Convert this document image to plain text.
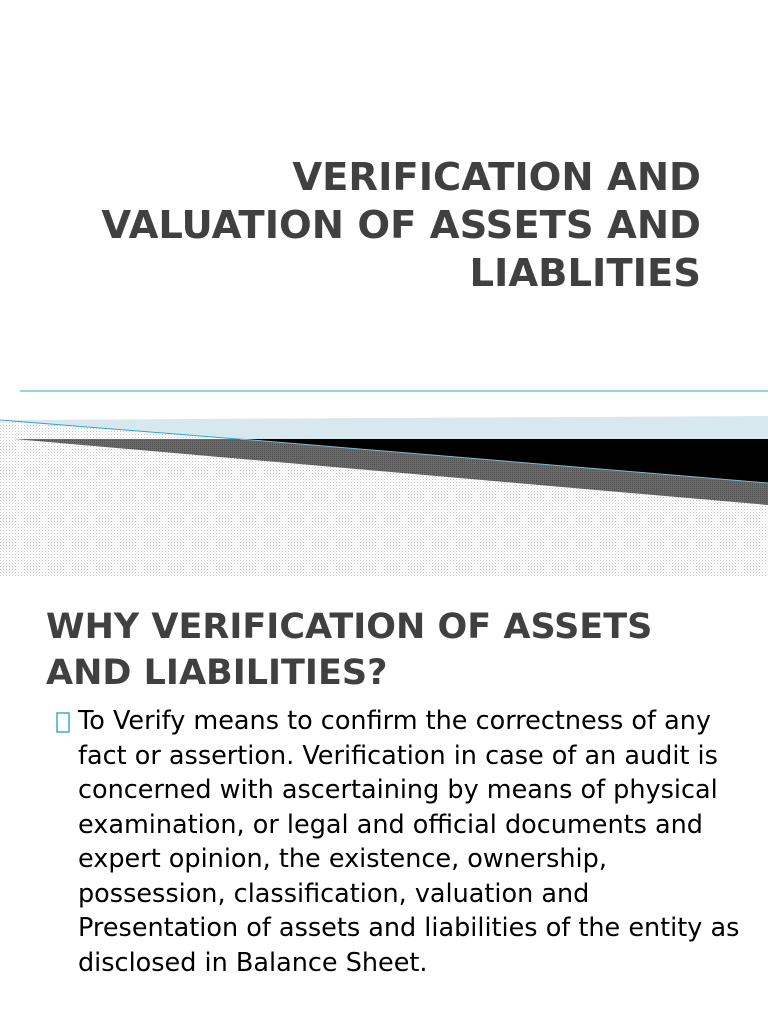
VERIFICATION AND VALUATION OF ASSETS AND LIABLITIES
WHY VERIFICATION OF ASSETS AND LIABILITIES?
To Verify means to confirm the correctness of any fact or assertion. Verification in case of an audit is concerned with ascertaining by means of physical examination, or legal and official documents and expert opinion, the existence, ownership, possession, classification, valuation and Presentation of assets and liabilities of the entity as disclosed in Balance Sheet.
